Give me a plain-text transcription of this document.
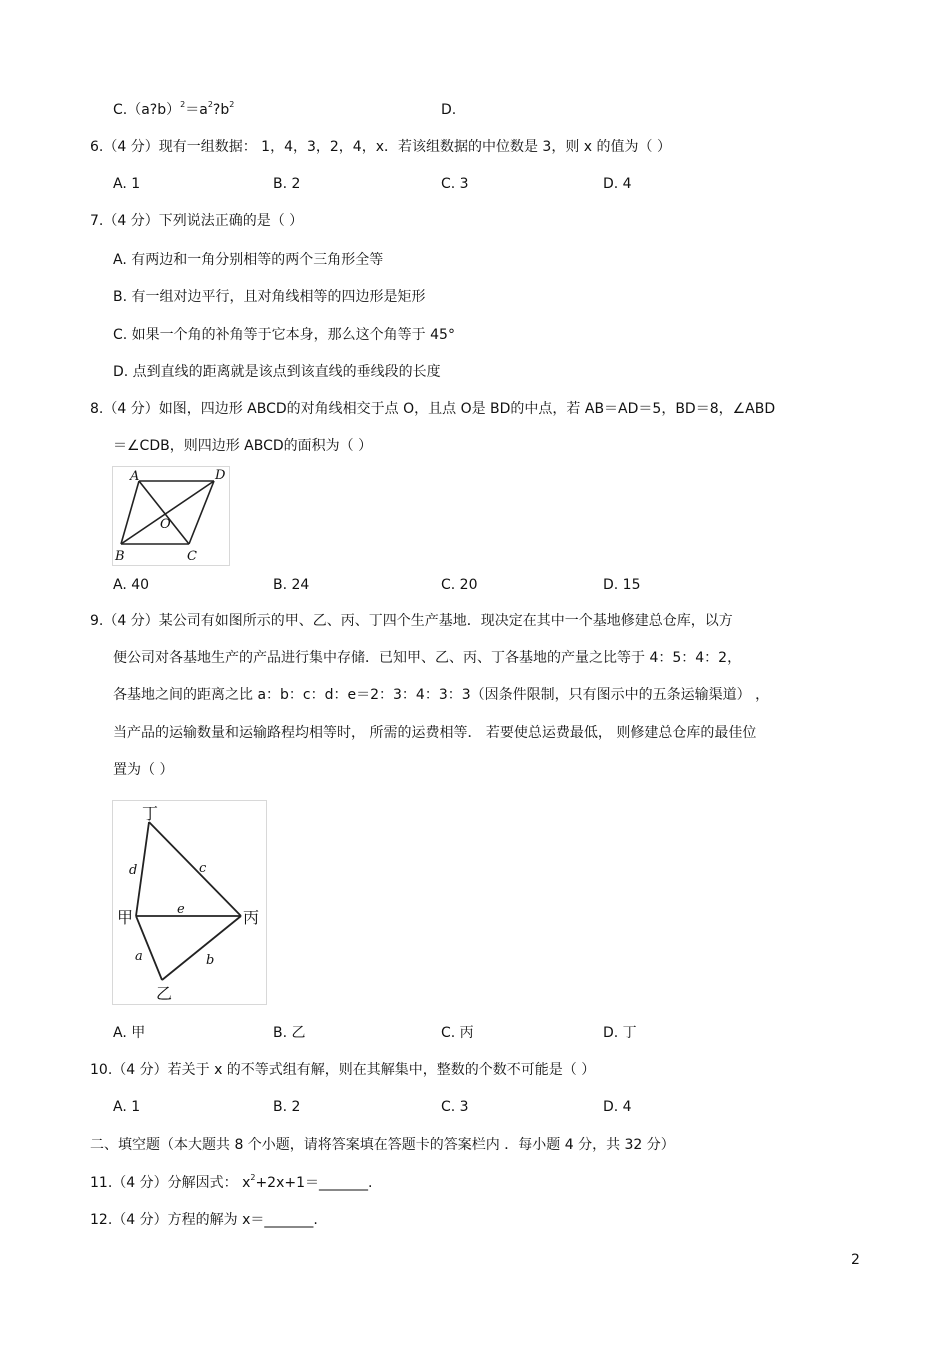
$C.(a?b)^2=a^2?b^2$	D.
6.（4 分）现有一组数据： 1，4，3，2，4，x．若该组数据的中位数是 3，则 x 的值为（ ）
A. 1	B. 2	C. 3	D. 4
7.（4 分）下列说法正确的是（ ）
A. 有两边和一角分别相等的两个三角形全等
B. 有一组对边平行，且对角线相等的四边形是矩形
C. 如果一个角的补角等于它本身，那么这个角等于 45°
D. 点到直线的距离就是该点到该直线的垂线段的长度
8.（4 分）如图，四边形 ABCD的对角线相交于点 O，且点 O是 BD的中点，若 AB＝AD＝5，BD＝8，∠ABD
＝∠CDB，则四边形 ABCD的面积为（ ）
A	D
O
B	C
A. 40	B. 24	C. 20	D. 15
9.（4 分）某公司有如图所示的甲、乙、丙、丁四个生产基地．现决定在其中一个基地修建总仓库，以方
便公司对各基地生产的产品进行集中存储．已知甲、乙、丙、丁各基地的产量之比等于 4：5：4：2，
各基地之间的距离之比 a：b：c：d：e＝2：3：4：3：3（因条件限制，只有图示中的五条运输渠道） ，
当产品的运输数量和运输路程均相等时， 所需的运费相等． 若要使总运费最低， 则修建总仓库的最佳位
置为（ ）
丁
甲	丙
乙
d	c
e
a	b
A. 甲	B. 乙	C. 丙	D. 丁
10.（4 分）若关于 x 的不等式组有解，则在其解集中，整数的个数不可能是（ ）
A. 1	B. 2	C. 3	D. 4
二、填空题（本大题共 8 个小题，请将答案填在答题卡的答案栏内 ．每小题 4 分，共 32 分）
11.（4 分）分解因式： $x^2+2x+1=\_\_\_\_\_\_\_$.
12.（4 分）方程的解为 x＝_______.
2
